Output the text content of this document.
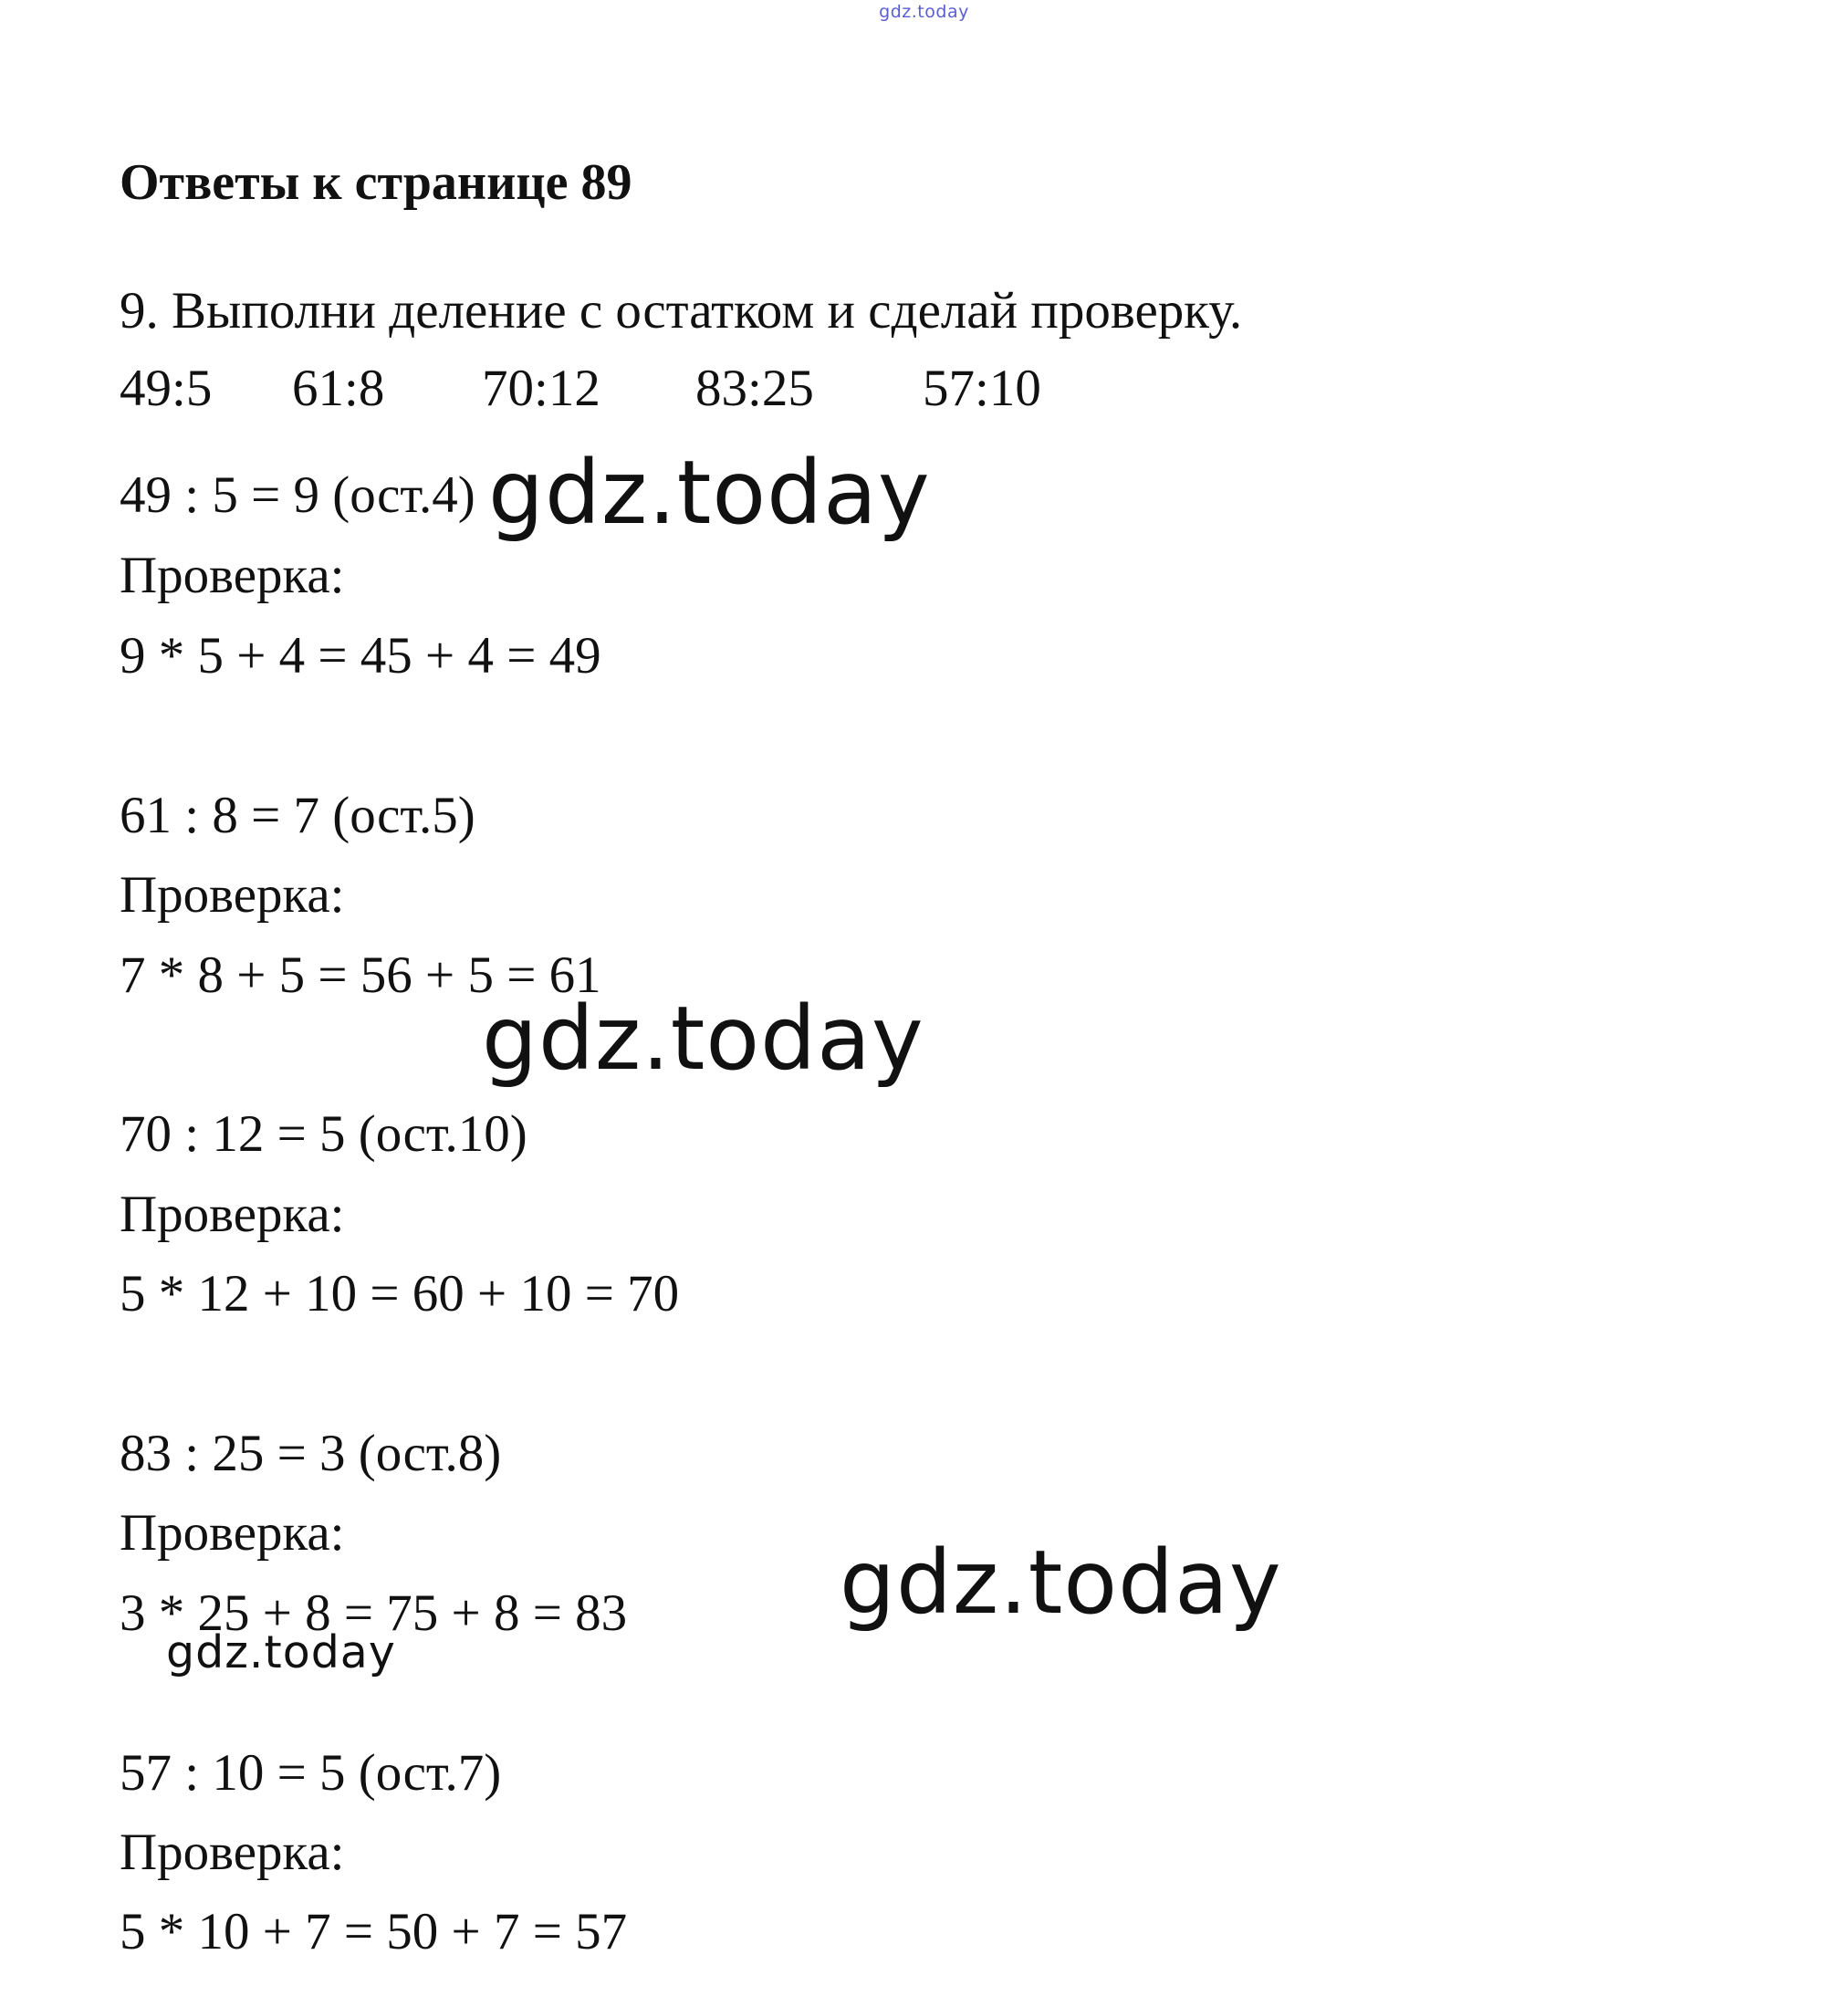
gdz.today
Ответы к странице 89
9. Выполни деление с остатком и сделай проверку.
49:5 61:8 70:12 83:25 57:10
49 : 5 = 9 (ост.4)
Проверка:
9 * 5 + 4 = 45 + 4 = 49
61 : 8 = 7 (ост.5)
Проверка:
7 * 8 + 5 = 56 + 5 = 61
70 : 12 = 5 (ост.10)
Проверка:
5 * 12 + 10 = 60 + 10 = 70
83 : 25 = 3 (ост.8)
Проверка:
3 * 25 + 8 = 75 + 8 = 83
57 : 10 = 5 (ост.7)
Проверка:
5 * 10 + 7 = 50 + 7 = 57
gdz.today
gdz.today
gdz.today
gdz.today
